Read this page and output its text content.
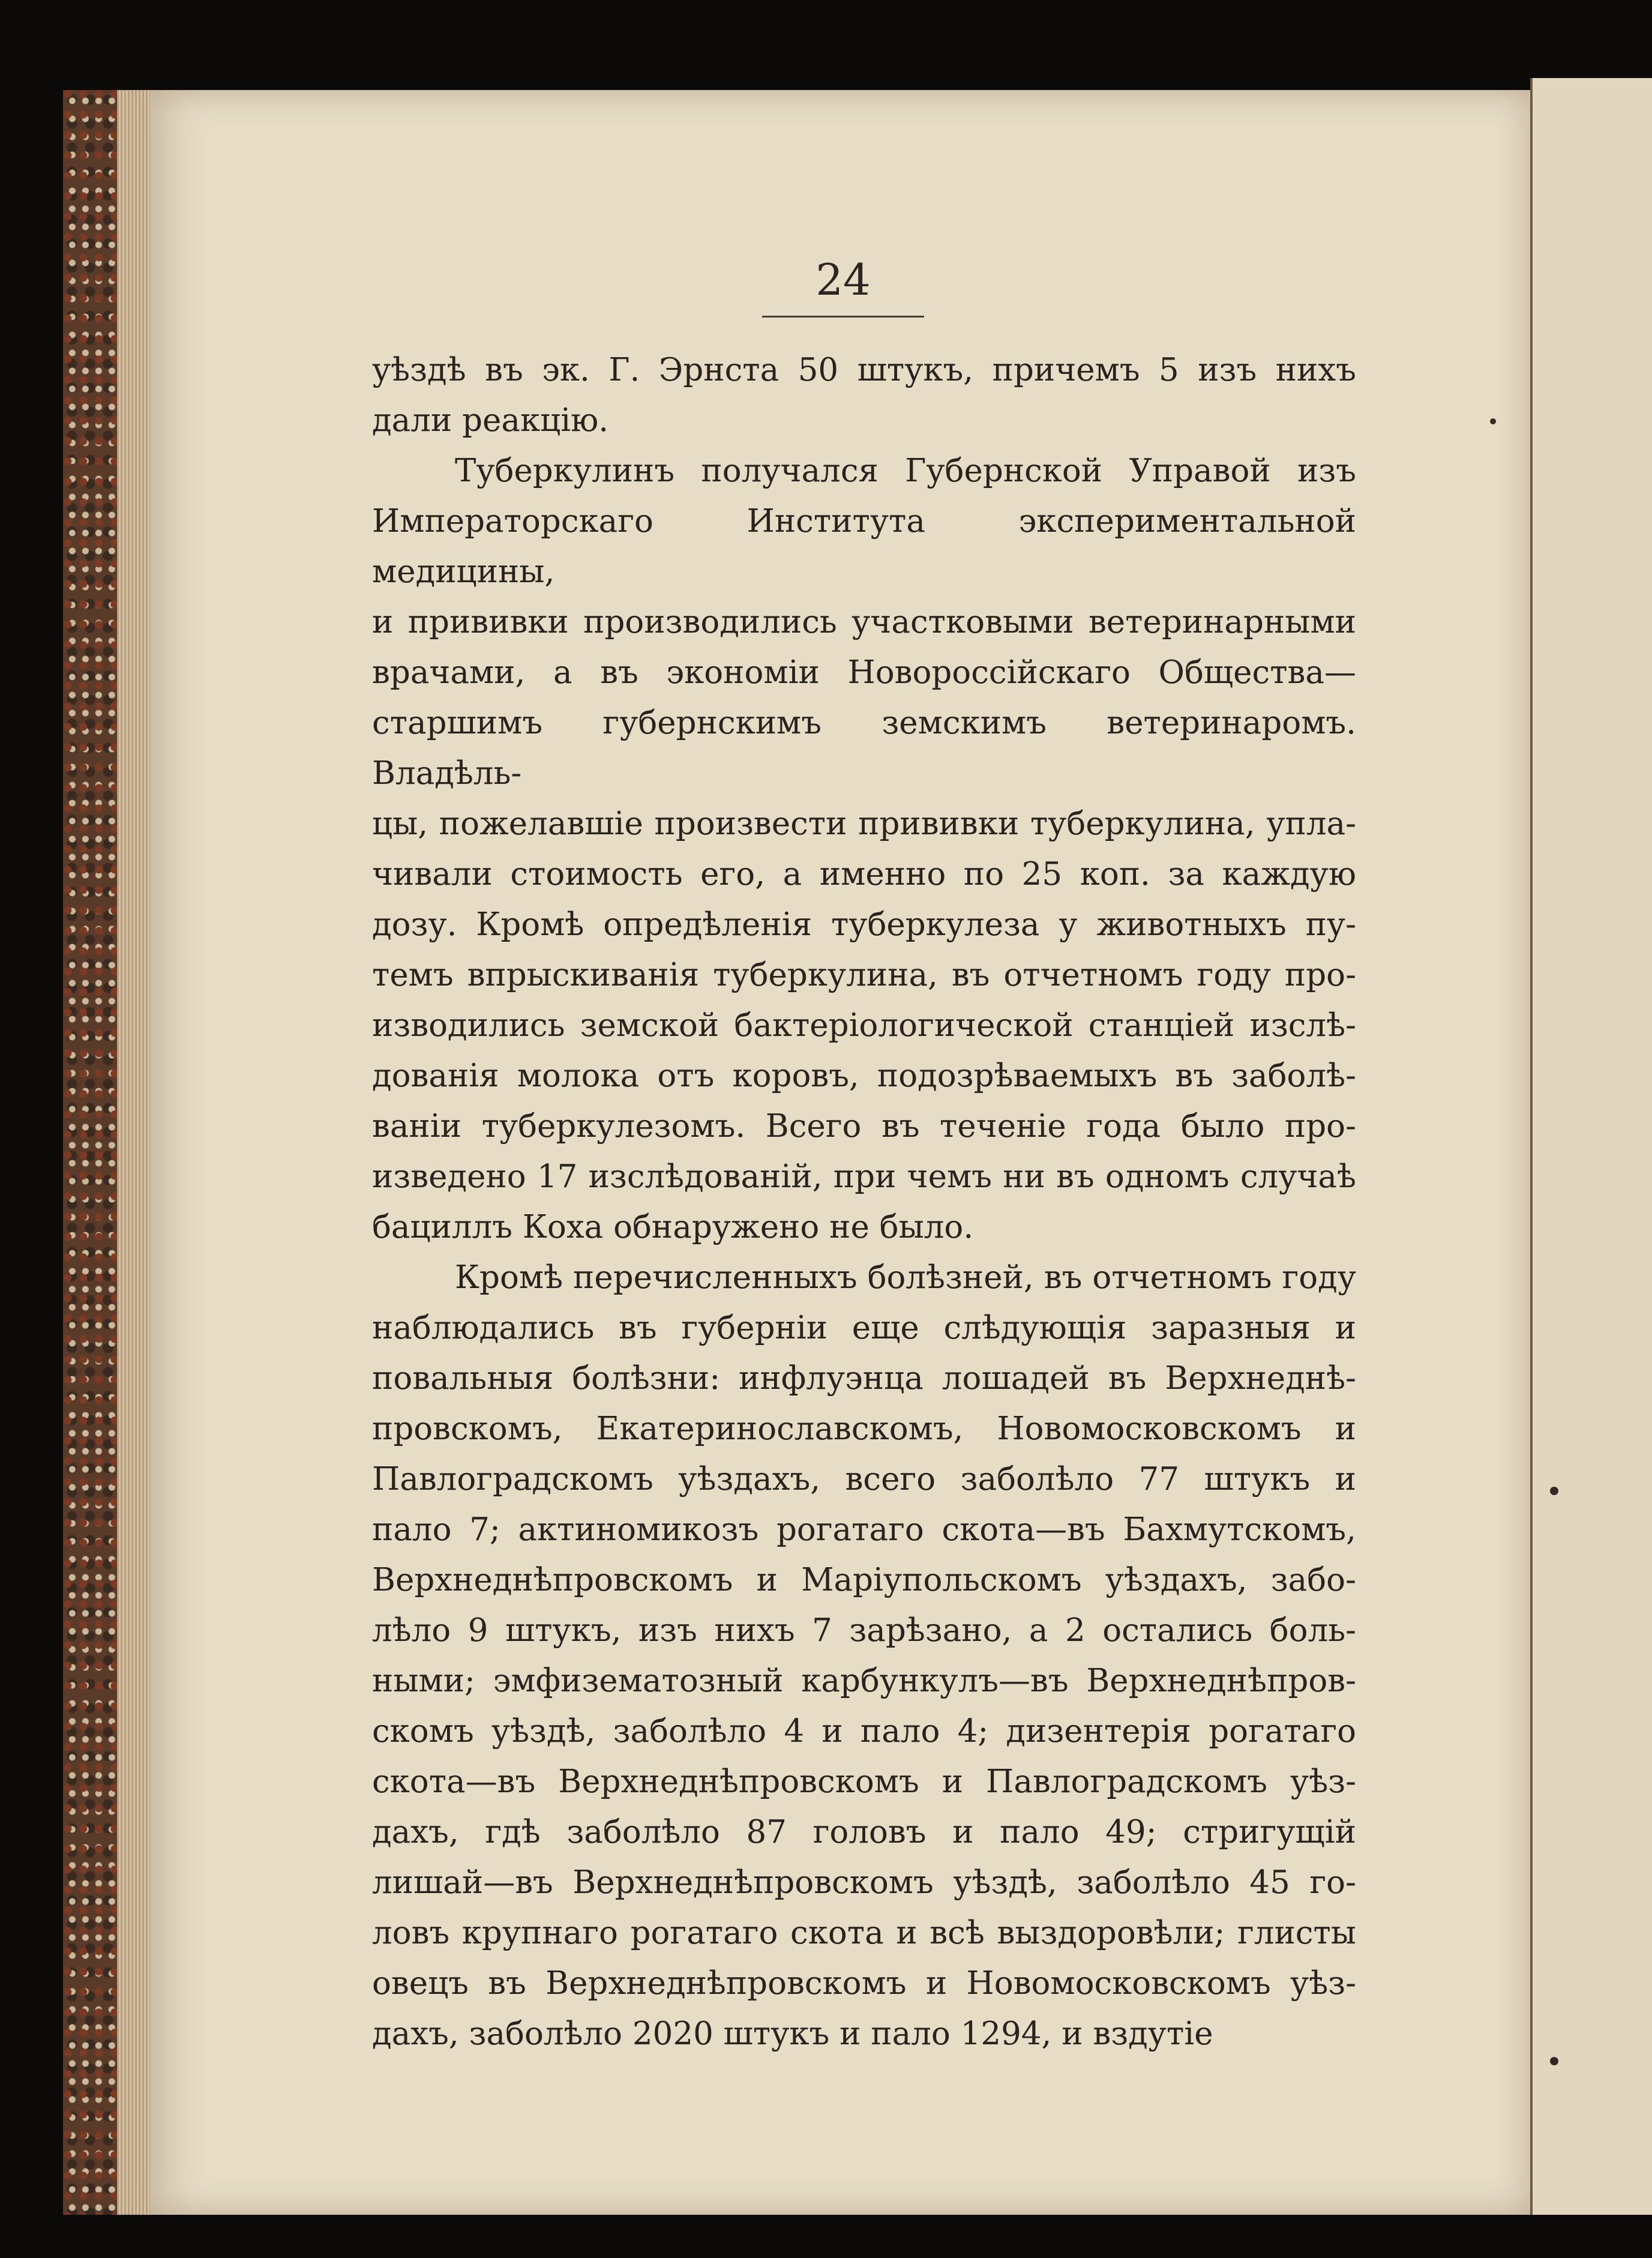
24

уѣздѣ въ эк. Г. Эрнста 50 штукъ, причемъ 5 изъ нихъ

дали реакцію.

Туберкулинъ получался Губернской Управой изъ

Императорскаго Института экспериментальной медицины,

и прививки производились участковыми ветеринарными

врачами, а въ экономіи Новороссійскаго Общества—

старшимъ губернскимъ земскимъ ветеринаромъ. Владѣль-

цы, пожелавшіе произвести прививки туберкулина, упла-

чивали стоимость его, а именно по 25 коп. за каждую

дозу. Кромѣ опредѣленія туберкулеза у животныхъ пу-

темъ впрыскиванія туберкулина, въ отчетномъ году про-

изводились земской бактеріологической станціей изслѣ-

дованія молока отъ коровъ, подозрѣваемыхъ въ заболѣ-

ваніи туберкулезомъ. Всего въ теченіе года было про-

изведено 17 изслѣдованій, при чемъ ни въ одномъ случаѣ

бациллъ Коха обнаружено не было.

Кромѣ перечисленныхъ болѣзней, въ отчетномъ году

наблюдались въ губерніи еще слѣдующія заразныя и

повальныя болѣзни: инфлуэнца лошадей въ Верхнеднѣ-

провскомъ, Екатеринославскомъ, Новомосковскомъ и

Павлоградскомъ уѣздахъ, всего заболѣло 77 штукъ и

пало 7; актиномикозъ рогатаго скота—въ Бахмутскомъ,

Верхнеднѣпровскомъ и Маріупольскомъ уѣздахъ, забо-

лѣло 9 штукъ, изъ нихъ 7 зарѣзано, а 2 остались боль-

ными; эмфизематозный карбункулъ—въ Верхнеднѣпров-

скомъ уѣздѣ, заболѣло 4 и пало 4; дизентерія рогатаго

скота—въ Верхнеднѣпровскомъ и Павлоградскомъ уѣз-

дахъ, гдѣ заболѣло 87 головъ и пало 49; стригущій

лишай—въ Верхнеднѣпровскомъ уѣздѣ, заболѣло 45 го-

ловъ крупнаго рогатаго скота и всѣ выздоровѣли; глисты

овецъ въ Верхнеднѣпровскомъ и Новомосковскомъ уѣз-

дахъ, заболѣло 2020 штукъ и пало 1294, и вздутіе
